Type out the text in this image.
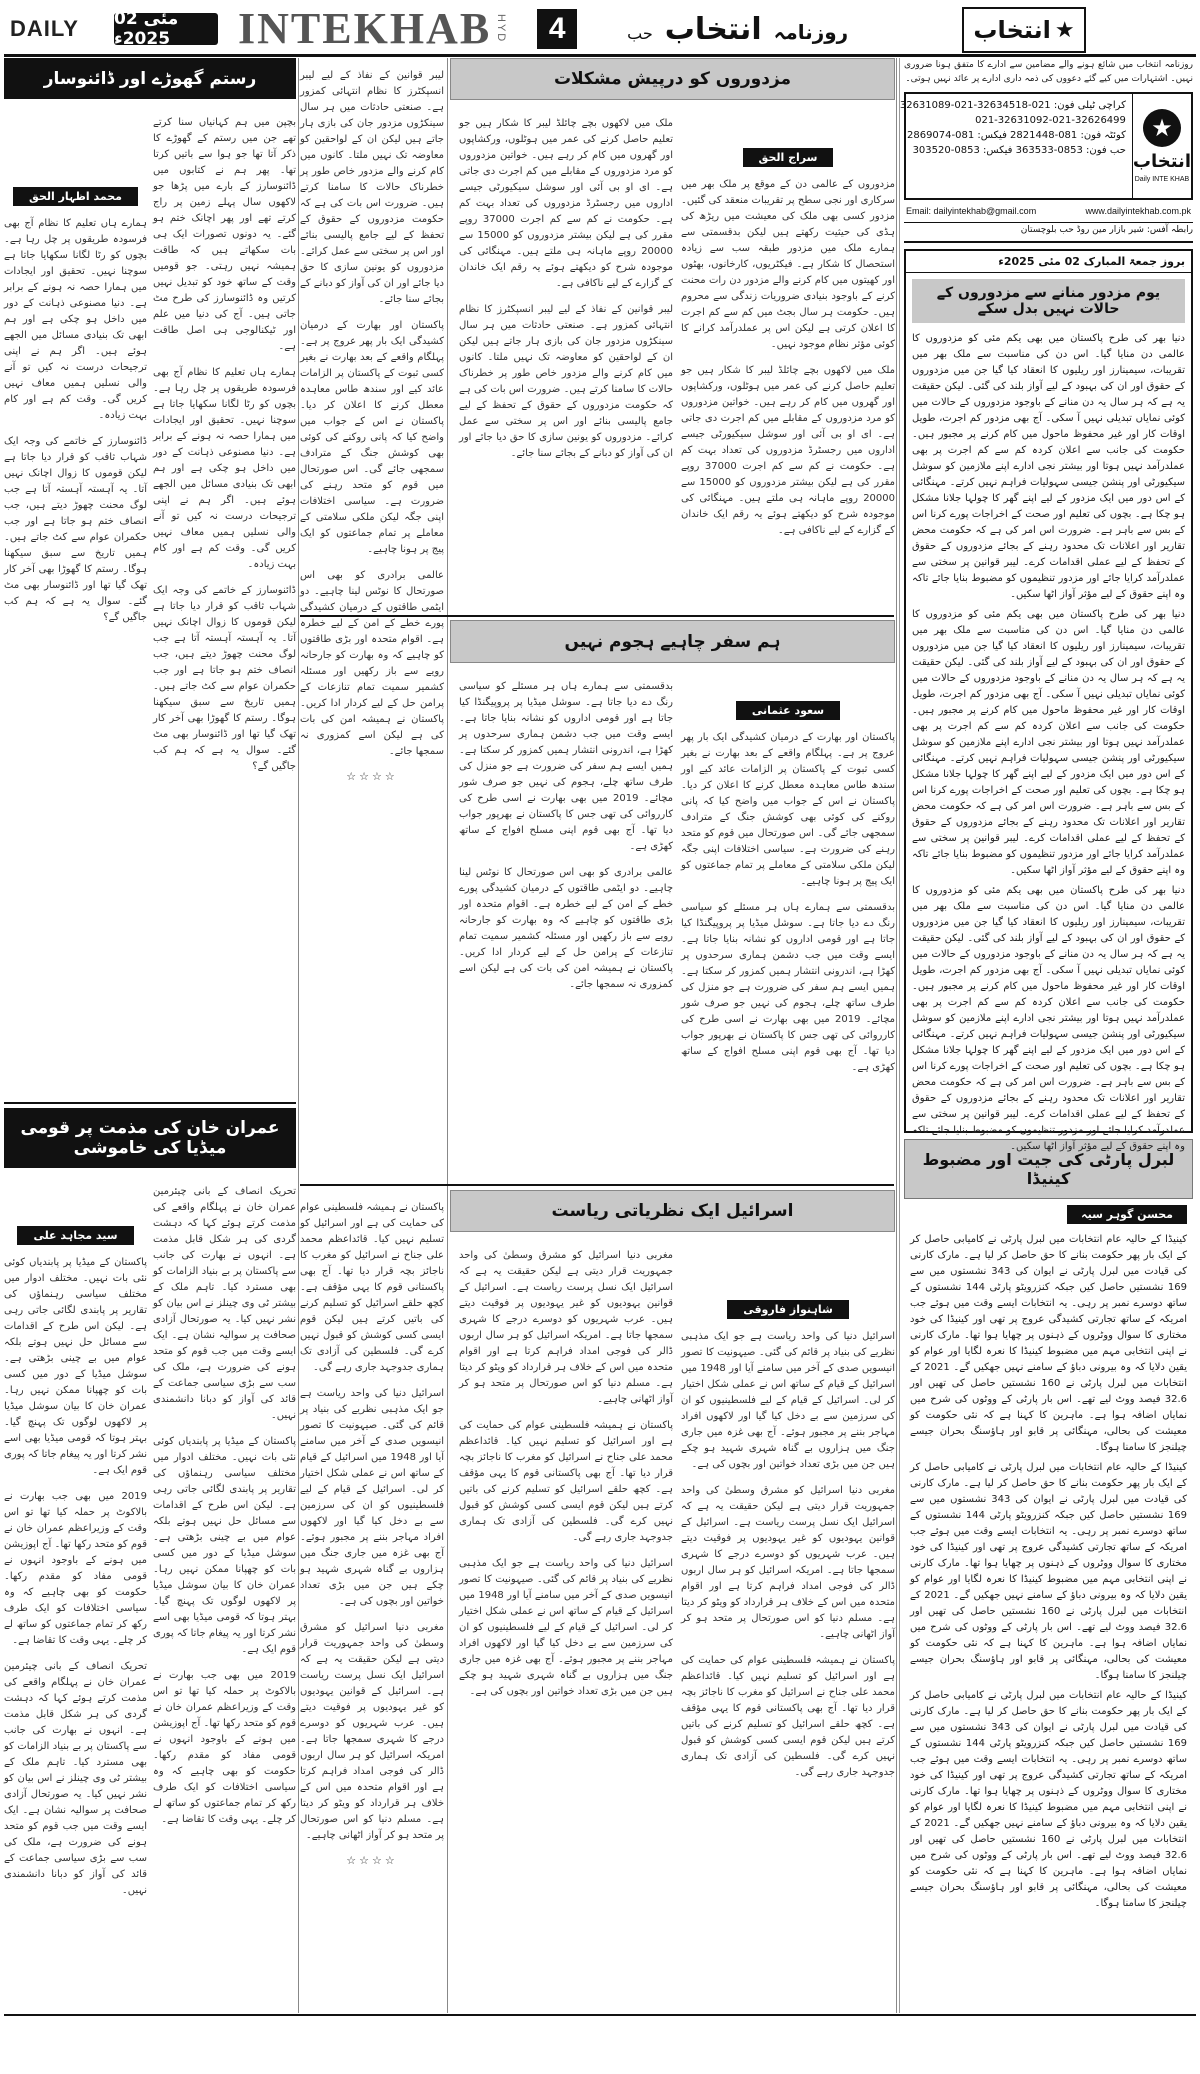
DAILY	02 مئی 2025ء	INTEKHAB HYD	4	روزنامہ
انتخاب
حب	انتخاب ★
روزنامہ انتخاب میں شائع ہونے والے مضامین سے ادارے کا متفق ہونا ضروری نہیں۔ اشتہارات میں کیے گئے دعووں کی ذمہ داری ادارے پر عائد نہیں ہوتی۔
★
انتخاب
Daily INTE KHAB
کراچی ٹیلی فون: 021-32634518-021-32631089
021-32631092-021-32626499
کوئٹہ فون: 081-2821448 فیکس: 081-2869074
حب فون: 0853-363533 فیکس: 0853-303520
Email: dailyintekhab@gmail.com	www.dailyintekhab.com.pk
رابطہ آفس: شیر بازار مین روڈ حب بلوچستان
بروز جمعۃ المبارک 02 مئی 2025ء
یوم مزدور منانے سے مزدوروں کے حالات نہیں بدل سکے

دنیا بھر کی طرح پاکستان میں بھی یکم مئی کو مزدوروں کا عالمی دن منایا گیا۔ اس دن کی مناسبت سے ملک بھر میں تقریبات، سیمینارز اور ریلیوں کا انعقاد کیا گیا جن میں مزدوروں کے حقوق اور ان کی بہبود کے لیے آواز بلند کی گئی۔ لیکن حقیقت یہ ہے کہ ہر سال یہ دن منانے کے باوجود مزدوروں کے حالات میں کوئی نمایاں تبدیلی نہیں آ سکی۔ آج بھی مزدور کم اجرت، طویل اوقات کار اور غیر محفوظ ماحول میں کام کرنے پر مجبور ہیں۔ حکومت کی جانب سے اعلان کردہ کم سے کم اجرت پر بھی عملدرآمد نہیں ہوتا اور بیشتر نجی ادارے اپنے ملازمین کو سوشل سیکیورٹی اور پنشن جیسی سہولیات فراہم نہیں کرتے۔ مہنگائی کے اس دور میں ایک مزدور کے لیے اپنے گھر کا چولہا جلانا مشکل ہو چکا ہے۔ بچوں کی تعلیم اور صحت کے اخراجات پورے کرنا اس کے بس سے باہر ہے۔ ضرورت اس امر کی ہے کہ حکومت محض تقاریر اور اعلانات تک محدود رہنے کے بجائے مزدوروں کے حقوق کے تحفظ کے لیے عملی اقدامات کرے۔ لیبر قوانین پر سختی سے عملدرآمد کرایا جائے اور مزدور تنظیموں کو مضبوط بنایا جائے تاکہ وہ اپنے حقوق کے لیے مؤثر آواز اٹھا سکیں۔

دنیا بھر کی طرح پاکستان میں بھی یکم مئی کو مزدوروں کا عالمی دن منایا گیا۔ اس دن کی مناسبت سے ملک بھر میں تقریبات، سیمینارز اور ریلیوں کا انعقاد کیا گیا جن میں مزدوروں کے حقوق اور ان کی بہبود کے لیے آواز بلند کی گئی۔ لیکن حقیقت یہ ہے کہ ہر سال یہ دن منانے کے باوجود مزدوروں کے حالات میں کوئی نمایاں تبدیلی نہیں آ سکی۔ آج بھی مزدور کم اجرت، طویل اوقات کار اور غیر محفوظ ماحول میں کام کرنے پر مجبور ہیں۔ حکومت کی جانب سے اعلان کردہ کم سے کم اجرت پر بھی عملدرآمد نہیں ہوتا اور بیشتر نجی ادارے اپنے ملازمین کو سوشل سیکیورٹی اور پنشن جیسی سہولیات فراہم نہیں کرتے۔ مہنگائی کے اس دور میں ایک مزدور کے لیے اپنے گھر کا چولہا جلانا مشکل ہو چکا ہے۔ بچوں کی تعلیم اور صحت کے اخراجات پورے کرنا اس کے بس سے باہر ہے۔ ضرورت اس امر کی ہے کہ حکومت محض تقاریر اور اعلانات تک محدود رہنے کے بجائے مزدوروں کے حقوق کے تحفظ کے لیے عملی اقدامات کرے۔ لیبر قوانین پر سختی سے عملدرآمد کرایا جائے اور مزدور تنظیموں کو مضبوط بنایا جائے تاکہ وہ اپنے حقوق کے لیے مؤثر آواز اٹھا سکیں۔

دنیا بھر کی طرح پاکستان میں بھی یکم مئی کو مزدوروں کا عالمی دن منایا گیا۔ اس دن کی مناسبت سے ملک بھر میں تقریبات، سیمینارز اور ریلیوں کا انعقاد کیا گیا جن میں مزدوروں کے حقوق اور ان کی بہبود کے لیے آواز بلند کی گئی۔ لیکن حقیقت یہ ہے کہ ہر سال یہ دن منانے کے باوجود مزدوروں کے حالات میں کوئی نمایاں تبدیلی نہیں آ سکی۔ آج بھی مزدور کم اجرت، طویل اوقات کار اور غیر محفوظ ماحول میں کام کرنے پر مجبور ہیں۔ حکومت کی جانب سے اعلان کردہ کم سے کم اجرت پر بھی عملدرآمد نہیں ہوتا اور بیشتر نجی ادارے اپنے ملازمین کو سوشل سیکیورٹی اور پنشن جیسی سہولیات فراہم نہیں کرتے۔ مہنگائی کے اس دور میں ایک مزدور کے لیے اپنے گھر کا چولہا جلانا مشکل ہو چکا ہے۔ بچوں کی تعلیم اور صحت کے اخراجات پورے کرنا اس کے بس سے باہر ہے۔ ضرورت اس امر کی ہے کہ حکومت محض تقاریر اور اعلانات تک محدود رہنے کے بجائے مزدوروں کے حقوق کے تحفظ کے لیے عملی اقدامات کرے۔ لیبر قوانین پر سختی سے عملدرآمد کرایا جائے اور مزدور تنظیموں کو مضبوط بنایا جائے تاکہ وہ اپنے حقوق کے لیے مؤثر آواز اٹھا سکیں۔

لبرل پارٹی کی جیت اور مضبوط کینیڈا
محسن گوہر سیہ

کینیڈا کے حالیہ عام انتخابات میں لبرل پارٹی نے کامیابی حاصل کر کے ایک بار پھر حکومت بنانے کا حق حاصل کر لیا ہے۔ مارک کارنی کی قیادت میں لبرل پارٹی نے ایوان کی 343 نشستوں میں سے 169 نشستیں حاصل کیں جبکہ کنزرویٹو پارٹی 144 نشستوں کے ساتھ دوسرے نمبر پر رہی۔ یہ انتخابات ایسے وقت میں ہوئے جب امریکہ کے ساتھ تجارتی کشیدگی عروج پر تھی اور کینیڈا کی خود مختاری کا سوال ووٹروں کے ذہنوں پر چھایا ہوا تھا۔ مارک کارنی نے اپنی انتخابی مہم میں مضبوط کینیڈا کا نعرہ لگایا اور عوام کو یقین دلایا کہ وہ بیرونی دباؤ کے سامنے نہیں جھکیں گے۔ 2021 کے انتخابات میں لبرل پارٹی نے 160 نشستیں حاصل کی تھیں اور 32.6 فیصد ووٹ لیے تھے۔ اس بار پارٹی کے ووٹوں کی شرح میں نمایاں اضافہ ہوا ہے۔ ماہرین کا کہنا ہے کہ نئی حکومت کو معیشت کی بحالی، مہنگائی پر قابو اور ہاؤسنگ بحران جیسے چیلنجز کا سامنا ہوگا۔

کینیڈا کے حالیہ عام انتخابات میں لبرل پارٹی نے کامیابی حاصل کر کے ایک بار پھر حکومت بنانے کا حق حاصل کر لیا ہے۔ مارک کارنی کی قیادت میں لبرل پارٹی نے ایوان کی 343 نشستوں میں سے 169 نشستیں حاصل کیں جبکہ کنزرویٹو پارٹی 144 نشستوں کے ساتھ دوسرے نمبر پر رہی۔ یہ انتخابات ایسے وقت میں ہوئے جب امریکہ کے ساتھ تجارتی کشیدگی عروج پر تھی اور کینیڈا کی خود مختاری کا سوال ووٹروں کے ذہنوں پر چھایا ہوا تھا۔ مارک کارنی نے اپنی انتخابی مہم میں مضبوط کینیڈا کا نعرہ لگایا اور عوام کو یقین دلایا کہ وہ بیرونی دباؤ کے سامنے نہیں جھکیں گے۔ 2021 کے انتخابات میں لبرل پارٹی نے 160 نشستیں حاصل کی تھیں اور 32.6 فیصد ووٹ لیے تھے۔ اس بار پارٹی کے ووٹوں کی شرح میں نمایاں اضافہ ہوا ہے۔ ماہرین کا کہنا ہے کہ نئی حکومت کو معیشت کی بحالی، مہنگائی پر قابو اور ہاؤسنگ بحران جیسے چیلنجز کا سامنا ہوگا۔

کینیڈا کے حالیہ عام انتخابات میں لبرل پارٹی نے کامیابی حاصل کر کے ایک بار پھر حکومت بنانے کا حق حاصل کر لیا ہے۔ مارک کارنی کی قیادت میں لبرل پارٹی نے ایوان کی 343 نشستوں میں سے 169 نشستیں حاصل کیں جبکہ کنزرویٹو پارٹی 144 نشستوں کے ساتھ دوسرے نمبر پر رہی۔ یہ انتخابات ایسے وقت میں ہوئے جب امریکہ کے ساتھ تجارتی کشیدگی عروج پر تھی اور کینیڈا کی خود مختاری کا سوال ووٹروں کے ذہنوں پر چھایا ہوا تھا۔ مارک کارنی نے اپنی انتخابی مہم میں مضبوط کینیڈا کا نعرہ لگایا اور عوام کو یقین دلایا کہ وہ بیرونی دباؤ کے سامنے نہیں جھکیں گے۔ 2021 کے انتخابات میں لبرل پارٹی نے 160 نشستیں حاصل کی تھیں اور 32.6 فیصد ووٹ لیے تھے۔ اس بار پارٹی کے ووٹوں کی شرح میں نمایاں اضافہ ہوا ہے۔ ماہرین کا کہنا ہے کہ نئی حکومت کو معیشت کی بحالی، مہنگائی پر قابو اور ہاؤسنگ بحران جیسے چیلنجز کا سامنا ہوگا۔

مزدوروں کو درپیش مشکلات
سراج الحق

مزدوروں کے عالمی دن کے موقع پر ملک بھر میں سرکاری اور نجی سطح پر تقریبات منعقد کی گئیں۔ مزدور کسی بھی ملک کی معیشت میں ریڑھ کی ہڈی کی حیثیت رکھتے ہیں لیکن بدقسمتی سے ہمارے ملک میں مزدور طبقہ سب سے زیادہ استحصال کا شکار ہے۔ فیکٹریوں، کارخانوں، بھٹوں اور کھیتوں میں کام کرنے والے مزدور دن رات محنت کرنے کے باوجود بنیادی ضروریات زندگی سے محروم ہیں۔ حکومت ہر سال بجٹ میں کم سے کم اجرت کا اعلان کرتی ہے لیکن اس پر عملدرآمد کرانے کا کوئی مؤثر نظام موجود نہیں۔

ملک میں لاکھوں بچے چائلڈ لیبر کا شکار ہیں جو تعلیم حاصل کرنے کی عمر میں ہوٹلوں، ورکشاپوں اور گھروں میں کام کر رہے ہیں۔ خواتین مزدوروں کو مرد مزدوروں کے مقابلے میں کم اجرت دی جاتی ہے۔ ای او بی آئی اور سوشل سیکیورٹی جیسے اداروں میں رجسٹرڈ مزدوروں کی تعداد بہت کم ہے۔ حکومت نے کم سے کم اجرت 37000 روپے مقرر کی ہے لیکن بیشتر مزدوروں کو 15000 سے 20000 روپے ماہانہ ہی ملتے ہیں۔ مہنگائی کی موجودہ شرح کو دیکھتے ہوئے یہ رقم ایک خاندان کے گزارے کے لیے ناکافی ہے۔

ملک میں لاکھوں بچے چائلڈ لیبر کا شکار ہیں جو تعلیم حاصل کرنے کی عمر میں ہوٹلوں، ورکشاپوں اور گھروں میں کام کر رہے ہیں۔ خواتین مزدوروں کو مرد مزدوروں کے مقابلے میں کم اجرت دی جاتی ہے۔ ای او بی آئی اور سوشل سیکیورٹی جیسے اداروں میں رجسٹرڈ مزدوروں کی تعداد بہت کم ہے۔ حکومت نے کم سے کم اجرت 37000 روپے مقرر کی ہے لیکن بیشتر مزدوروں کو 15000 سے 20000 روپے ماہانہ ہی ملتے ہیں۔ مہنگائی کی موجودہ شرح کو دیکھتے ہوئے یہ رقم ایک خاندان کے گزارے کے لیے ناکافی ہے۔

لیبر قوانین کے نفاذ کے لیے لیبر انسپکٹرز کا نظام انتہائی کمزور ہے۔ صنعتی حادثات میں ہر سال سینکڑوں مزدور جان کی بازی ہار جاتے ہیں لیکن ان کے لواحقین کو معاوضہ تک نہیں ملتا۔ کانوں میں کام کرنے والے مزدور خاص طور پر خطرناک حالات کا سامنا کرتے ہیں۔ ضرورت اس بات کی ہے کہ حکومت مزدوروں کے حقوق کے تحفظ کے لیے جامع پالیسی بنائے اور اس پر سختی سے عمل کرائے۔ مزدوروں کو یونین سازی کا حق دیا جائے اور ان کی آواز کو دبانے کے بجائے سنا جائے۔

ہم سفر چاہیے ہجوم نہیں
سعود عثمانی

پاکستان اور بھارت کے درمیان کشیدگی ایک بار پھر عروج پر ہے۔ پہلگام واقعے کے بعد بھارت نے بغیر کسی ثبوت کے پاکستان پر الزامات عائد کیے اور سندھ طاس معاہدہ معطل کرنے کا اعلان کر دیا۔ پاکستان نے اس کے جواب میں واضح کیا کہ پانی روکنے کی کوئی بھی کوشش جنگ کے مترادف سمجھی جائے گی۔ اس صورتحال میں قوم کو متحد رہنے کی ضرورت ہے۔ سیاسی اختلافات اپنی جگہ لیکن ملکی سلامتی کے معاملے پر تمام جماعتوں کو ایک پیج پر ہونا چاہیے۔

بدقسمتی سے ہمارے ہاں ہر مسئلے کو سیاسی رنگ دے دیا جاتا ہے۔ سوشل میڈیا پر پروپیگنڈا کیا جاتا ہے اور قومی اداروں کو نشانہ بنایا جاتا ہے۔ ایسے وقت میں جب دشمن ہماری سرحدوں پر کھڑا ہے، اندرونی انتشار ہمیں کمزور کر سکتا ہے۔ ہمیں ایسے ہم سفر کی ضرورت ہے جو منزل کی طرف ساتھ چلے، ہجوم کی نہیں جو صرف شور مچائے۔ 2019 میں بھی بھارت نے اسی طرح کی کارروائی کی تھی جس کا پاکستان نے بھرپور جواب دیا تھا۔ آج بھی قوم اپنی مسلح افواج کے ساتھ کھڑی ہے۔

بدقسمتی سے ہمارے ہاں ہر مسئلے کو سیاسی رنگ دے دیا جاتا ہے۔ سوشل میڈیا پر پروپیگنڈا کیا جاتا ہے اور قومی اداروں کو نشانہ بنایا جاتا ہے۔ ایسے وقت میں جب دشمن ہماری سرحدوں پر کھڑا ہے، اندرونی انتشار ہمیں کمزور کر سکتا ہے۔ ہمیں ایسے ہم سفر کی ضرورت ہے جو منزل کی طرف ساتھ چلے، ہجوم کی نہیں جو صرف شور مچائے۔ 2019 میں بھی بھارت نے اسی طرح کی کارروائی کی تھی جس کا پاکستان نے بھرپور جواب دیا تھا۔ آج بھی قوم اپنی مسلح افواج کے ساتھ کھڑی ہے۔

عالمی برادری کو بھی اس صورتحال کا نوٹس لینا چاہیے۔ دو ایٹمی طاقتوں کے درمیان کشیدگی پورے خطے کے امن کے لیے خطرہ ہے۔ اقوام متحدہ اور بڑی طاقتوں کو چاہیے کہ وہ بھارت کو جارحانہ رویے سے باز رکھیں اور مسئلہ کشمیر سمیت تمام تنازعات کے پرامن حل کے لیے کردار ادا کریں۔ پاکستان نے ہمیشہ امن کی بات کی ہے لیکن اسے کمزوری نہ سمجھا جائے۔

اسرائیل ایک نظریاتی ریاست
شاہنواز فاروقی

اسرائیل دنیا کی واحد ریاست ہے جو ایک مذہبی نظریے کی بنیاد پر قائم کی گئی۔ صیہونیت کا تصور انیسویں صدی کے آخر میں سامنے آیا اور 1948 میں اسرائیل کے قیام کے ساتھ اس نے عملی شکل اختیار کر لی۔ اسرائیل کے قیام کے لیے فلسطینیوں کو ان کی سرزمین سے بے دخل کیا گیا اور لاکھوں افراد مہاجر بننے پر مجبور ہوئے۔ آج بھی غزہ میں جاری جنگ میں ہزاروں بے گناہ شہری شہید ہو چکے ہیں جن میں بڑی تعداد خواتین اور بچوں کی ہے۔

مغربی دنیا اسرائیل کو مشرق وسطیٰ کی واحد جمہوریت قرار دیتی ہے لیکن حقیقت یہ ہے کہ اسرائیل ایک نسل پرست ریاست ہے۔ اسرائیل کے قوانین یہودیوں کو غیر یہودیوں پر فوقیت دیتے ہیں۔ عرب شہریوں کو دوسرے درجے کا شہری سمجھا جاتا ہے۔ امریکہ اسرائیل کو ہر سال اربوں ڈالر کی فوجی امداد فراہم کرتا ہے اور اقوام متحدہ میں اس کے خلاف ہر قرارداد کو ویٹو کر دیتا ہے۔ مسلم دنیا کو اس صورتحال پر متحد ہو کر آواز اٹھانی چاہیے۔

پاکستان نے ہمیشہ فلسطینی عوام کی حمایت کی ہے اور اسرائیل کو تسلیم نہیں کیا۔ قائداعظم محمد علی جناح نے اسرائیل کو مغرب کا ناجائز بچہ قرار دیا تھا۔ آج بھی پاکستانی قوم کا یہی مؤقف ہے۔ کچھ حلقے اسرائیل کو تسلیم کرنے کی باتیں کرتے ہیں لیکن قوم ایسی کسی کوشش کو قبول نہیں کرے گی۔ فلسطین کی آزادی تک ہماری جدوجہد جاری رہے گی۔

مغربی دنیا اسرائیل کو مشرق وسطیٰ کی واحد جمہوریت قرار دیتی ہے لیکن حقیقت یہ ہے کہ اسرائیل ایک نسل پرست ریاست ہے۔ اسرائیل کے قوانین یہودیوں کو غیر یہودیوں پر فوقیت دیتے ہیں۔ عرب شہریوں کو دوسرے درجے کا شہری سمجھا جاتا ہے۔ امریکہ اسرائیل کو ہر سال اربوں ڈالر کی فوجی امداد فراہم کرتا ہے اور اقوام متحدہ میں اس کے خلاف ہر قرارداد کو ویٹو کر دیتا ہے۔ مسلم دنیا کو اس صورتحال پر متحد ہو کر آواز اٹھانی چاہیے۔

پاکستان نے ہمیشہ فلسطینی عوام کی حمایت کی ہے اور اسرائیل کو تسلیم نہیں کیا۔ قائداعظم محمد علی جناح نے اسرائیل کو مغرب کا ناجائز بچہ قرار دیا تھا۔ آج بھی پاکستانی قوم کا یہی مؤقف ہے۔ کچھ حلقے اسرائیل کو تسلیم کرنے کی باتیں کرتے ہیں لیکن قوم ایسی کسی کوشش کو قبول نہیں کرے گی۔ فلسطین کی آزادی تک ہماری جدوجہد جاری رہے گی۔

اسرائیل دنیا کی واحد ریاست ہے جو ایک مذہبی نظریے کی بنیاد پر قائم کی گئی۔ صیہونیت کا تصور انیسویں صدی کے آخر میں سامنے آیا اور 1948 میں اسرائیل کے قیام کے ساتھ اس نے عملی شکل اختیار کر لی۔ اسرائیل کے قیام کے لیے فلسطینیوں کو ان کی سرزمین سے بے دخل کیا گیا اور لاکھوں افراد مہاجر بننے پر مجبور ہوئے۔ آج بھی غزہ میں جاری جنگ میں ہزاروں بے گناہ شہری شہید ہو چکے ہیں جن میں بڑی تعداد خواتین اور بچوں کی ہے۔

لیبر قوانین کے نفاذ کے لیے لیبر انسپکٹرز کا نظام انتہائی کمزور ہے۔ صنعتی حادثات میں ہر سال سینکڑوں مزدور جان کی بازی ہار جاتے ہیں لیکن ان کے لواحقین کو معاوضہ تک نہیں ملتا۔ کانوں میں کام کرنے والے مزدور خاص طور پر خطرناک حالات کا سامنا کرتے ہیں۔ ضرورت اس بات کی ہے کہ حکومت مزدوروں کے حقوق کے تحفظ کے لیے جامع پالیسی بنائے اور اس پر سختی سے عمل کرائے۔ مزدوروں کو یونین سازی کا حق دیا جائے اور ان کی آواز کو دبانے کے بجائے سنا جائے۔

پاکستان اور بھارت کے درمیان کشیدگی ایک بار پھر عروج پر ہے۔ پہلگام واقعے کے بعد بھارت نے بغیر کسی ثبوت کے پاکستان پر الزامات عائد کیے اور سندھ طاس معاہدہ معطل کرنے کا اعلان کر دیا۔ پاکستان نے اس کے جواب میں واضح کیا کہ پانی روکنے کی کوئی بھی کوشش جنگ کے مترادف سمجھی جائے گی۔ اس صورتحال میں قوم کو متحد رہنے کی ضرورت ہے۔ سیاسی اختلافات اپنی جگہ لیکن ملکی سلامتی کے معاملے پر تمام جماعتوں کو ایک پیج پر ہونا چاہیے۔

عالمی برادری کو بھی اس صورتحال کا نوٹس لینا چاہیے۔ دو ایٹمی طاقتوں کے درمیان کشیدگی پورے خطے کے امن کے لیے خطرہ ہے۔ اقوام متحدہ اور بڑی طاقتوں کو چاہیے کہ وہ بھارت کو جارحانہ رویے سے باز رکھیں اور مسئلہ کشمیر سمیت تمام تنازعات کے پرامن حل کے لیے کردار ادا کریں۔ پاکستان نے ہمیشہ امن کی بات کی ہے لیکن اسے کمزوری نہ سمجھا جائے۔

☆☆☆☆

پاکستان نے ہمیشہ فلسطینی عوام کی حمایت کی ہے اور اسرائیل کو تسلیم نہیں کیا۔ قائداعظم محمد علی جناح نے اسرائیل کو مغرب کا ناجائز بچہ قرار دیا تھا۔ آج بھی پاکستانی قوم کا یہی مؤقف ہے۔ کچھ حلقے اسرائیل کو تسلیم کرنے کی باتیں کرتے ہیں لیکن قوم ایسی کسی کوشش کو قبول نہیں کرے گی۔ فلسطین کی آزادی تک ہماری جدوجہد جاری رہے گی۔

اسرائیل دنیا کی واحد ریاست ہے جو ایک مذہبی نظریے کی بنیاد پر قائم کی گئی۔ صیہونیت کا تصور انیسویں صدی کے آخر میں سامنے آیا اور 1948 میں اسرائیل کے قیام کے ساتھ اس نے عملی شکل اختیار کر لی۔ اسرائیل کے قیام کے لیے فلسطینیوں کو ان کی سرزمین سے بے دخل کیا گیا اور لاکھوں افراد مہاجر بننے پر مجبور ہوئے۔ آج بھی غزہ میں جاری جنگ میں ہزاروں بے گناہ شہری شہید ہو چکے ہیں جن میں بڑی تعداد خواتین اور بچوں کی ہے۔

مغربی دنیا اسرائیل کو مشرق وسطیٰ کی واحد جمہوریت قرار دیتی ہے لیکن حقیقت یہ ہے کہ اسرائیل ایک نسل پرست ریاست ہے۔ اسرائیل کے قوانین یہودیوں کو غیر یہودیوں پر فوقیت دیتے ہیں۔ عرب شہریوں کو دوسرے درجے کا شہری سمجھا جاتا ہے۔ امریکہ اسرائیل کو ہر سال اربوں ڈالر کی فوجی امداد فراہم کرتا ہے اور اقوام متحدہ میں اس کے خلاف ہر قرارداد کو ویٹو کر دیتا ہے۔ مسلم دنیا کو اس صورتحال پر متحد ہو کر آواز اٹھانی چاہیے۔

☆☆☆☆
رستم گھوڑے اور ڈائنوسار

بچپن میں ہم کہانیاں سنا کرتے تھے جن میں رستم کے گھوڑے کا ذکر آتا تھا جو ہوا سے باتیں کرتا تھا۔ پھر ہم نے کتابوں میں ڈائنوسارز کے بارے میں پڑھا جو لاکھوں سال پہلے زمین پر راج کرتے تھے اور پھر اچانک ختم ہو گئے۔ یہ دونوں تصورات ایک ہی بات سکھاتے ہیں کہ طاقت ہمیشہ نہیں رہتی۔ جو قومیں وقت کے ساتھ خود کو تبدیل نہیں کرتیں وہ ڈائنوسارز کی طرح مٹ جاتی ہیں۔ آج کی دنیا میں علم اور ٹیکنالوجی ہی اصل طاقت ہے۔

ہمارے ہاں تعلیم کا نظام آج بھی فرسودہ طریقوں پر چل رہا ہے۔ بچوں کو رٹا لگانا سکھایا جاتا ہے سوچنا نہیں۔ تحقیق اور ایجادات میں ہمارا حصہ نہ ہونے کے برابر ہے۔ دنیا مصنوعی ذہانت کے دور میں داخل ہو چکی ہے اور ہم ابھی تک بنیادی مسائل میں الجھے ہوئے ہیں۔ اگر ہم نے اپنی ترجیحات درست نہ کیں تو آنے والی نسلیں ہمیں معاف نہیں کریں گی۔ وقت کم ہے اور کام بہت زیادہ۔

ڈائنوسارز کے خاتمے کی وجہ ایک شہاب ثاقب کو قرار دیا جاتا ہے لیکن قوموں کا زوال اچانک نہیں آتا۔ یہ آہستہ آہستہ آتا ہے جب لوگ محنت چھوڑ دیتے ہیں، جب انصاف ختم ہو جاتا ہے اور جب حکمران عوام سے کٹ جاتے ہیں۔ ہمیں تاریخ سے سبق سیکھنا ہوگا۔ رستم کا گھوڑا بھی آخر کار تھک گیا تھا اور ڈائنوسار بھی مٹ گئے۔ سوال یہ ہے کہ ہم کب جاگیں گے؟

محمد اظہار الحق

ہمارے ہاں تعلیم کا نظام آج بھی فرسودہ طریقوں پر چل رہا ہے۔ بچوں کو رٹا لگانا سکھایا جاتا ہے سوچنا نہیں۔ تحقیق اور ایجادات میں ہمارا حصہ نہ ہونے کے برابر ہے۔ دنیا مصنوعی ذہانت کے دور میں داخل ہو چکی ہے اور ہم ابھی تک بنیادی مسائل میں الجھے ہوئے ہیں۔ اگر ہم نے اپنی ترجیحات درست نہ کیں تو آنے والی نسلیں ہمیں معاف نہیں کریں گی۔ وقت کم ہے اور کام بہت زیادہ۔

ڈائنوسارز کے خاتمے کی وجہ ایک شہاب ثاقب کو قرار دیا جاتا ہے لیکن قوموں کا زوال اچانک نہیں آتا۔ یہ آہستہ آہستہ آتا ہے جب لوگ محنت چھوڑ دیتے ہیں، جب انصاف ختم ہو جاتا ہے اور جب حکمران عوام سے کٹ جاتے ہیں۔ ہمیں تاریخ سے سبق سیکھنا ہوگا۔ رستم کا گھوڑا بھی آخر کار تھک گیا تھا اور ڈائنوسار بھی مٹ گئے۔ سوال یہ ہے کہ ہم کب جاگیں گے؟

عمران خان کی مذمت پر قومی میڈیا کی خاموشی

تحریک انصاف کے بانی چیئرمین عمران خان نے پہلگام واقعے کی مذمت کرتے ہوئے کہا کہ دہشت گردی کی ہر شکل قابل مذمت ہے۔ انہوں نے بھارت کی جانب سے پاکستان پر بے بنیاد الزامات کو بھی مسترد کیا۔ تاہم ملک کے بیشتر ٹی وی چینلز نے اس بیان کو نشر نہیں کیا۔ یہ صورتحال آزادی صحافت پر سوالیہ نشان ہے۔ ایک ایسے وقت میں جب قوم کو متحد ہونے کی ضرورت ہے، ملک کی سب سے بڑی سیاسی جماعت کے قائد کی آواز کو دبانا دانشمندی نہیں۔

پاکستان کے میڈیا پر پابندیاں کوئی نئی بات نہیں۔ مختلف ادوار میں مختلف سیاسی رہنماؤں کی تقاریر پر پابندی لگائی جاتی رہی ہے۔ لیکن اس طرح کے اقدامات سے مسائل حل نہیں ہوتے بلکہ عوام میں بے چینی بڑھتی ہے۔ سوشل میڈیا کے دور میں کسی بات کو چھپانا ممکن نہیں رہا۔ عمران خان کا بیان سوشل میڈیا پر لاکھوں لوگوں تک پہنچ گیا۔ بہتر ہوتا کہ قومی میڈیا بھی اسے نشر کرتا اور یہ پیغام جاتا کہ پوری قوم ایک ہے۔

2019 میں بھی جب بھارت نے بالاکوٹ پر حملہ کیا تھا تو اس وقت کے وزیراعظم عمران خان نے قوم کو متحد رکھا تھا۔ آج اپوزیشن میں ہونے کے باوجود انہوں نے قومی مفاد کو مقدم رکھا۔ حکومت کو بھی چاہیے کہ وہ سیاسی اختلافات کو ایک طرف رکھ کر تمام جماعتوں کو ساتھ لے کر چلے۔ یہی وقت کا تقاضا ہے۔

سید مجاہد علی

پاکستان کے میڈیا پر پابندیاں کوئی نئی بات نہیں۔ مختلف ادوار میں مختلف سیاسی رہنماؤں کی تقاریر پر پابندی لگائی جاتی رہی ہے۔ لیکن اس طرح کے اقدامات سے مسائل حل نہیں ہوتے بلکہ عوام میں بے چینی بڑھتی ہے۔ سوشل میڈیا کے دور میں کسی بات کو چھپانا ممکن نہیں رہا۔ عمران خان کا بیان سوشل میڈیا پر لاکھوں لوگوں تک پہنچ گیا۔ بہتر ہوتا کہ قومی میڈیا بھی اسے نشر کرتا اور یہ پیغام جاتا کہ پوری قوم ایک ہے۔

2019 میں بھی جب بھارت نے بالاکوٹ پر حملہ کیا تھا تو اس وقت کے وزیراعظم عمران خان نے قوم کو متحد رکھا تھا۔ آج اپوزیشن میں ہونے کے باوجود انہوں نے قومی مفاد کو مقدم رکھا۔ حکومت کو بھی چاہیے کہ وہ سیاسی اختلافات کو ایک طرف رکھ کر تمام جماعتوں کو ساتھ لے کر چلے۔ یہی وقت کا تقاضا ہے۔

تحریک انصاف کے بانی چیئرمین عمران خان نے پہلگام واقعے کی مذمت کرتے ہوئے کہا کہ دہشت گردی کی ہر شکل قابل مذمت ہے۔ انہوں نے بھارت کی جانب سے پاکستان پر بے بنیاد الزامات کو بھی مسترد کیا۔ تاہم ملک کے بیشتر ٹی وی چینلز نے اس بیان کو نشر نہیں کیا۔ یہ صورتحال آزادی صحافت پر سوالیہ نشان ہے۔ ایک ایسے وقت میں جب قوم کو متحد ہونے کی ضرورت ہے، ملک کی سب سے بڑی سیاسی جماعت کے قائد کی آواز کو دبانا دانشمندی نہیں۔
